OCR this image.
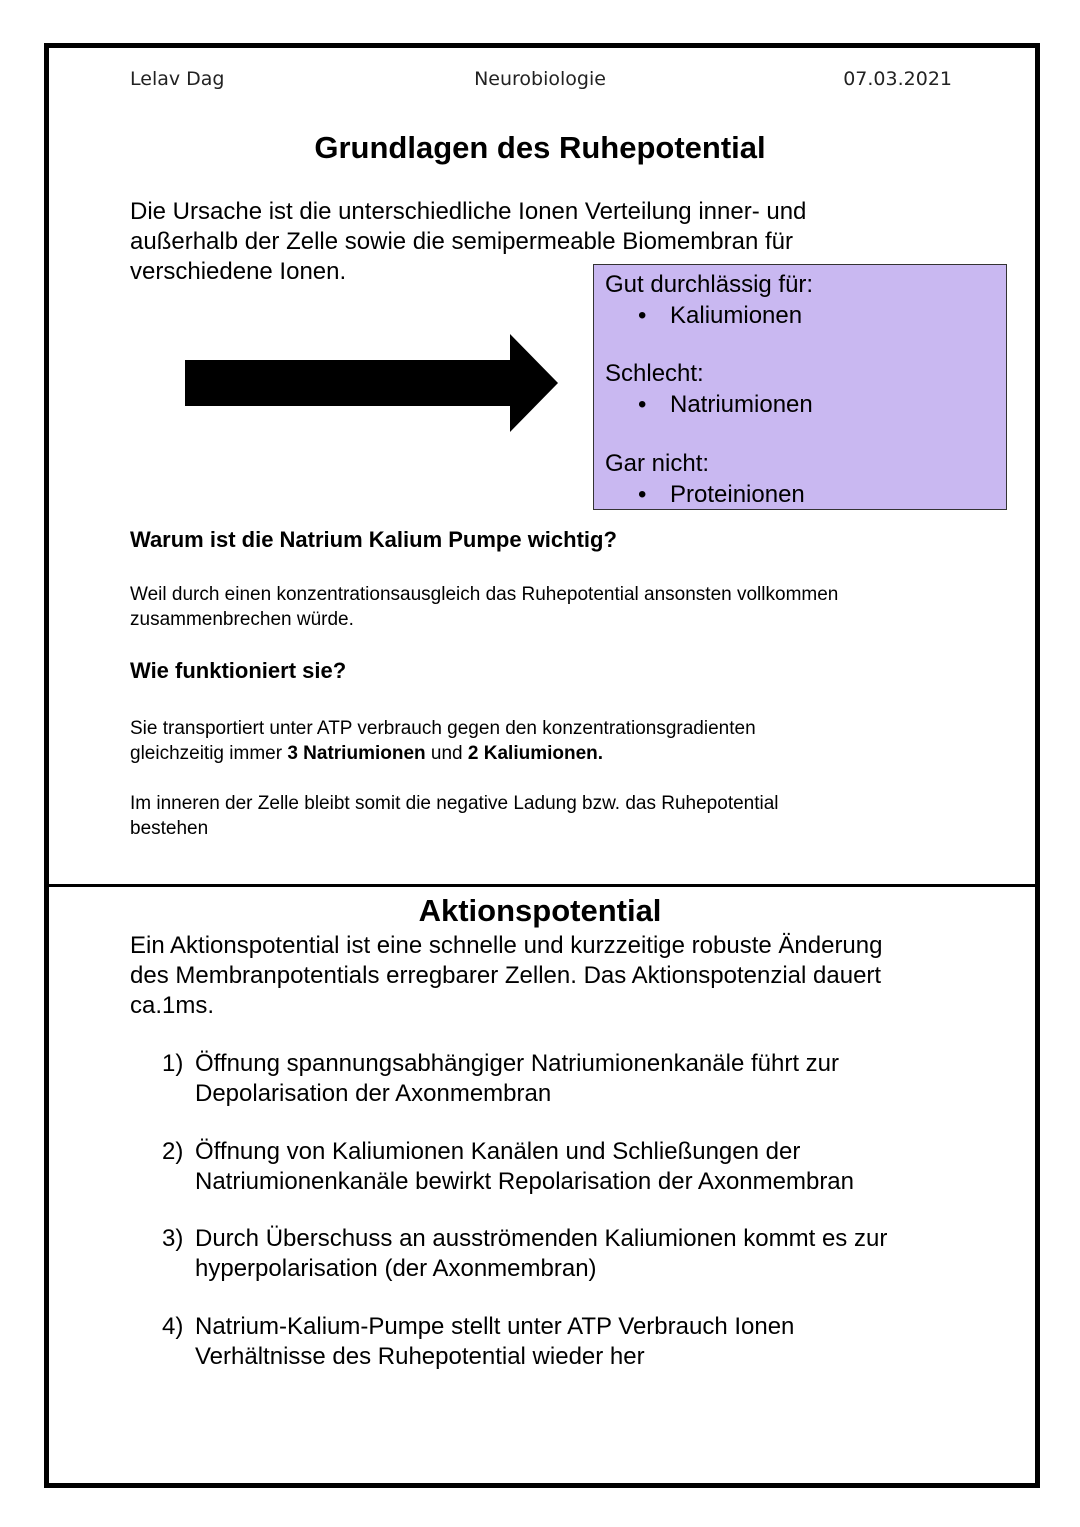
Lelav Dag	Neurobiologie	07.03.2021
Grundlagen des Ruhepotential
Die Ursache ist die unterschiedliche Ionen Verteilung inner- und
außerhalb der Zelle sowie die semipermeable Biomembran für
verschiedene Ionen.	Gut durchlässig für:
• Kaliumionen
Schlecht:
• Natriumionen
Gar nicht:
• Proteinionen
Warum ist die Natrium Kalium Pumpe wichtig?
Weil durch einen konzentrationsausgleich das Ruhepotential ansonsten vollkommen
zusammenbrechen würde.
Wie funktioniert sie?
Sie transportiert unter ATP verbrauch gegen den konzentrationsgradienten
gleichzeitig immer 3 Natriumionen und 2 Kaliumionen.
Im inneren der Zelle bleibt somit die negative Ladung bzw. das Ruhepotential
bestehen
Aktionspotential
Ein Aktionspotential ist eine schnelle und kurzzeitige robuste Änderung
des Membranpotentials erregbarer Zellen. Das Aktionspotenzial dauert
ca.1ms.
1) Öffnung spannungsabhängiger Natriumionenkanäle führt zur
Depolarisation der Axonmembran
2) Öffnung von Kaliumionen Kanälen und Schließungen der
Natriumionenkanäle bewirkt Repolarisation der Axonmembran
3) Durch Überschuss an ausströmenden Kaliumionen kommt es zur
hyperpolarisation (der Axonmembran)
4) Natrium-Kalium-Pumpe stellt unter ATP Verbrauch Ionen
Verhältnisse des Ruhepotential wieder her
